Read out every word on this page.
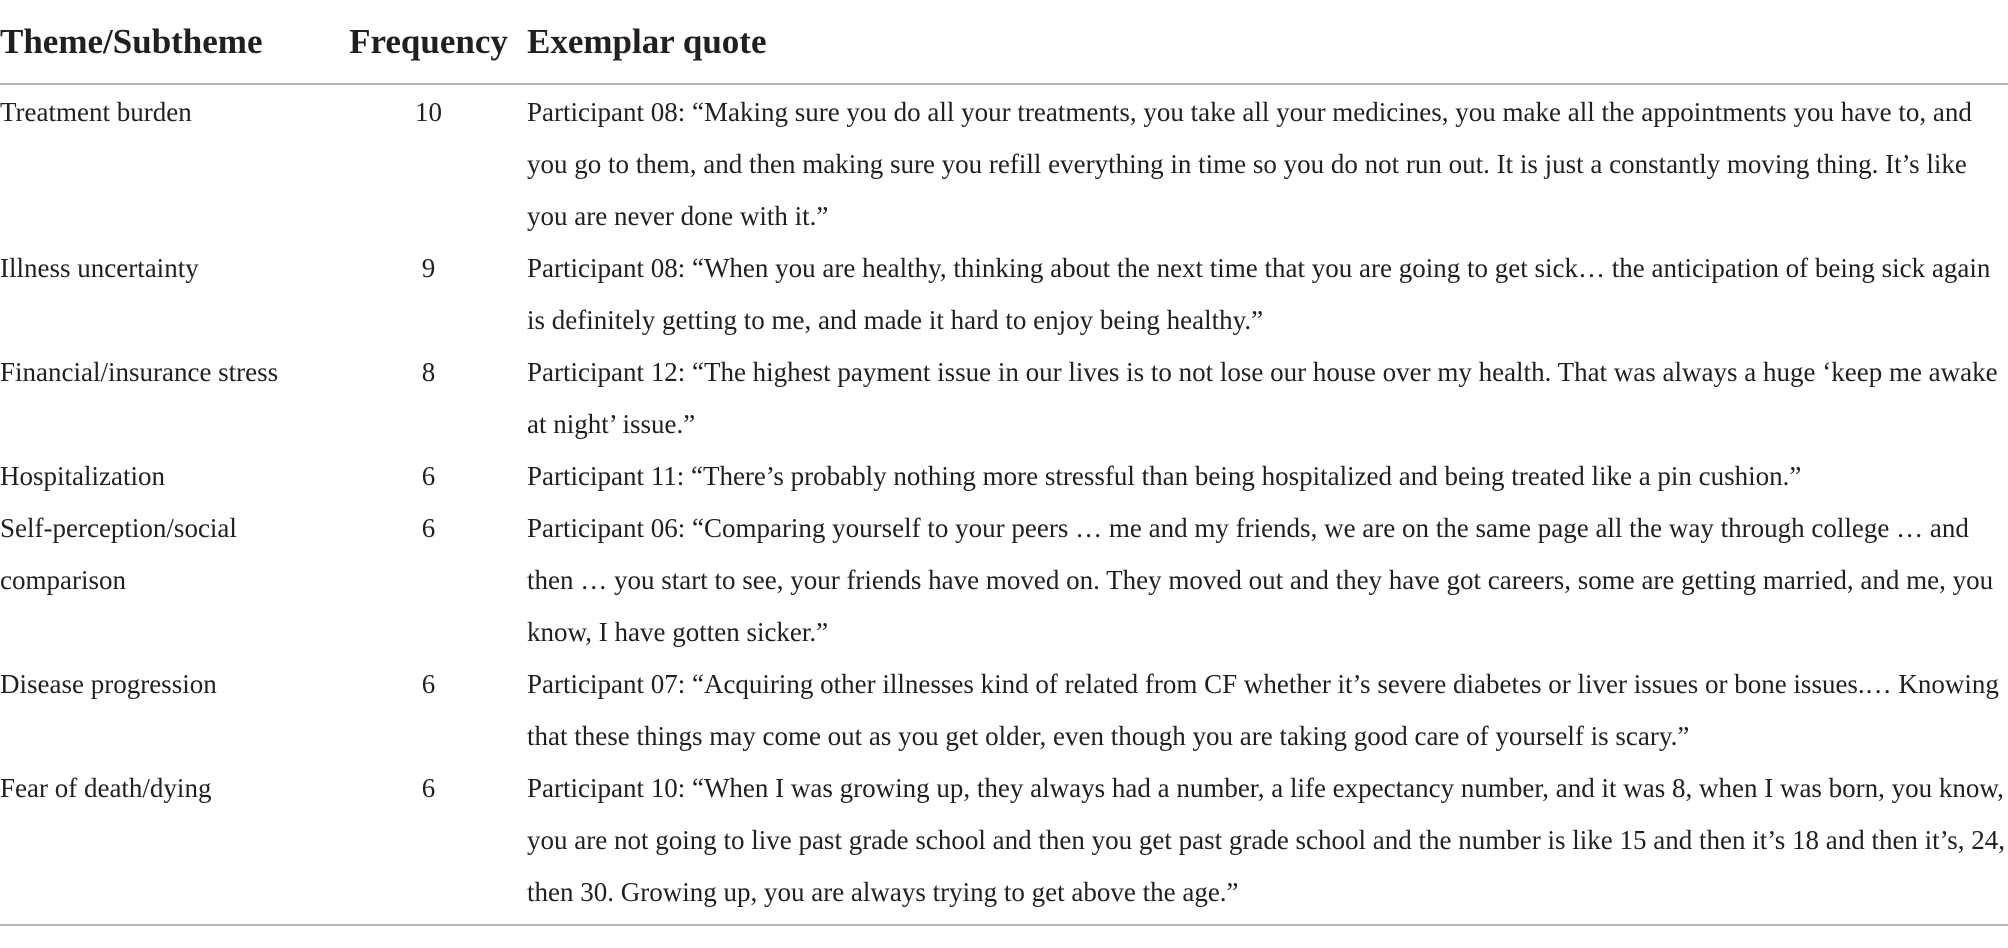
Theme/Subtheme	Frequency	Exemplar quote
Treatment burden	10	Participant 08: “Making sure you do all your treatments, you take all your medicines, you make all the appointments you have to, and you go to them, and then making sure you refill everything in time so you do not run out. It is just a constantly moving thing. It’s like you are never done with it.”
Illness uncertainty	9	Participant 08: “When you are healthy, thinking about the next time that you are going to get sick… the anticipation of being sick again is definitely getting to me, and made it hard to enjoy being healthy.”
Financial/insurance stress	8	Participant 12: “The highest payment issue in our lives is to not lose our house over my health. That was always a huge ‘keep me awake at night’ issue.”
Hospitalization	6	Participant 11: “There’s probably nothing more stressful than being hospitalized and being treated like a pin cushion.”
Self-perception/social comparison	6	Participant 06: “Comparing yourself to your peers … me and my friends, we are on the same page all the way through college … and then … you start to see, your friends have moved on. They moved out and they have got careers, some are getting married, and me, you know, I have gotten sicker.”
Disease progression	6	Participant 07: “Acquiring other illnesses kind of related from CF whether it’s severe diabetes or liver issues or bone issues.… Knowing that these things may come out as you get older, even though you are taking good care of yourself is scary.”
Fear of death/dying	6	Participant 10: “When I was growing up, they always had a number, a life expectancy number, and it was 8, when I was born, you know, you are not going to live past grade school and then you get past grade school and the number is like 15 and then it’s 18 and then it’s, 24, then 30. Growing up, you are always trying to get above the age.”
